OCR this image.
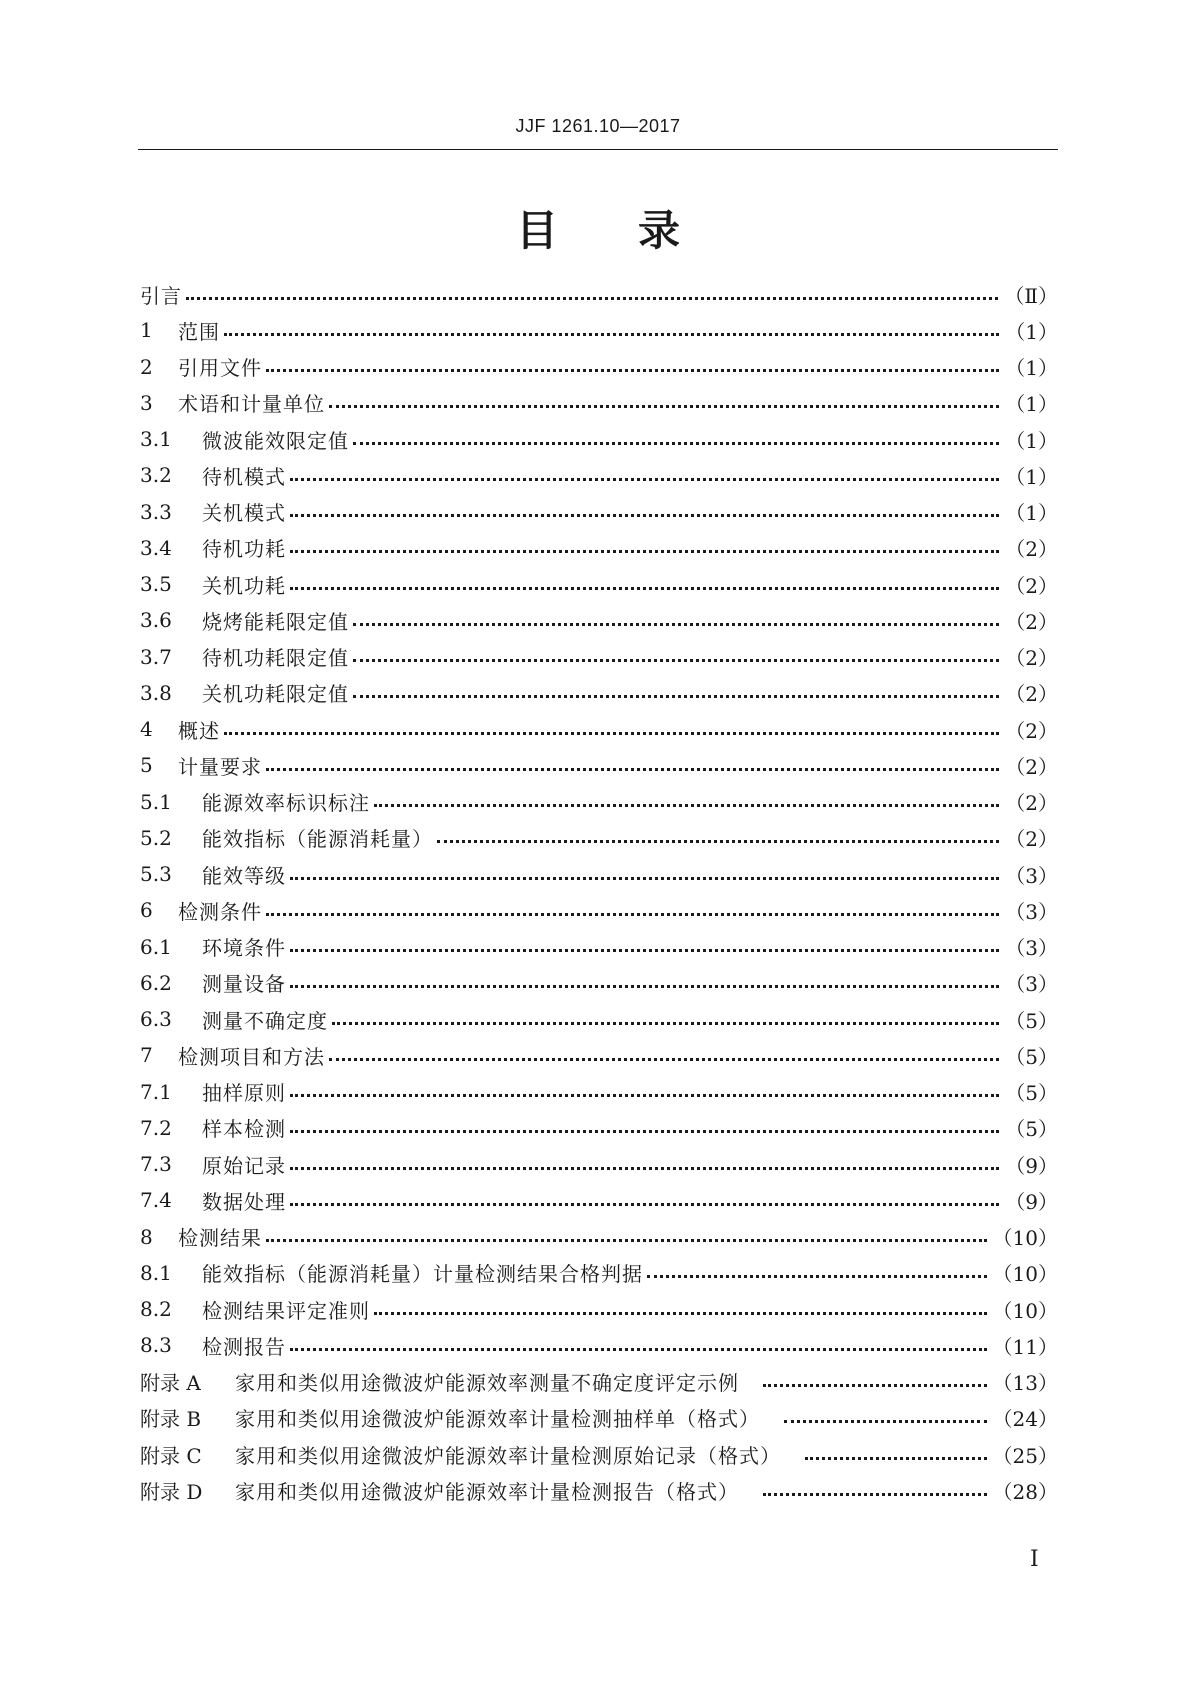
JJF 1261.10—2017
目 录
引言	（Ⅱ）
1	范围	（1）
2	引用文件	（1）
3	术语和计量单位	（1）
3.1	微波能效限定值	（1）
3.2	待机模式	（1）
3.3	关机模式	（1）
3.4	待机功耗	（2）
3.5	关机功耗	（2）
3.6	烧烤能耗限定值	（2）
3.7	待机功耗限定值	（2）
3.8	关机功耗限定值	（2）
4	概述	（2）
5	计量要求	（2）
5.1	能源效率标识标注	（2）
5.2	能效指标（能源消耗量）	（2）
5.3	能效等级	（3）
6	检测条件	（3）
6.1	环境条件	（3）
6.2	测量设备	（3）
6.3	测量不确定度	（5）
7	检测项目和方法	（5）
7.1	抽样原则	（5）
7.2	样本检测	（5）
7.3	原始记录	（9）
7.4	数据处理	（9）
8	检测结果	（10）
8.1	能效指标（能源消耗量）计量检测结果合格判据	（10）
8.2	检测结果评定准则	（10）
8.3	检测报告	（11）
附录 A	家用和类似用途微波炉能源效率测量不确定度评定示例	（13）
附录 B	家用和类似用途微波炉能源效率计量检测抽样单（格式）	（24）
附录 C	家用和类似用途微波炉能源效率计量检测原始记录（格式）	（25）
附录 D	家用和类似用途微波炉能源效率计量检测报告（格式）	（28）
Ⅰ
